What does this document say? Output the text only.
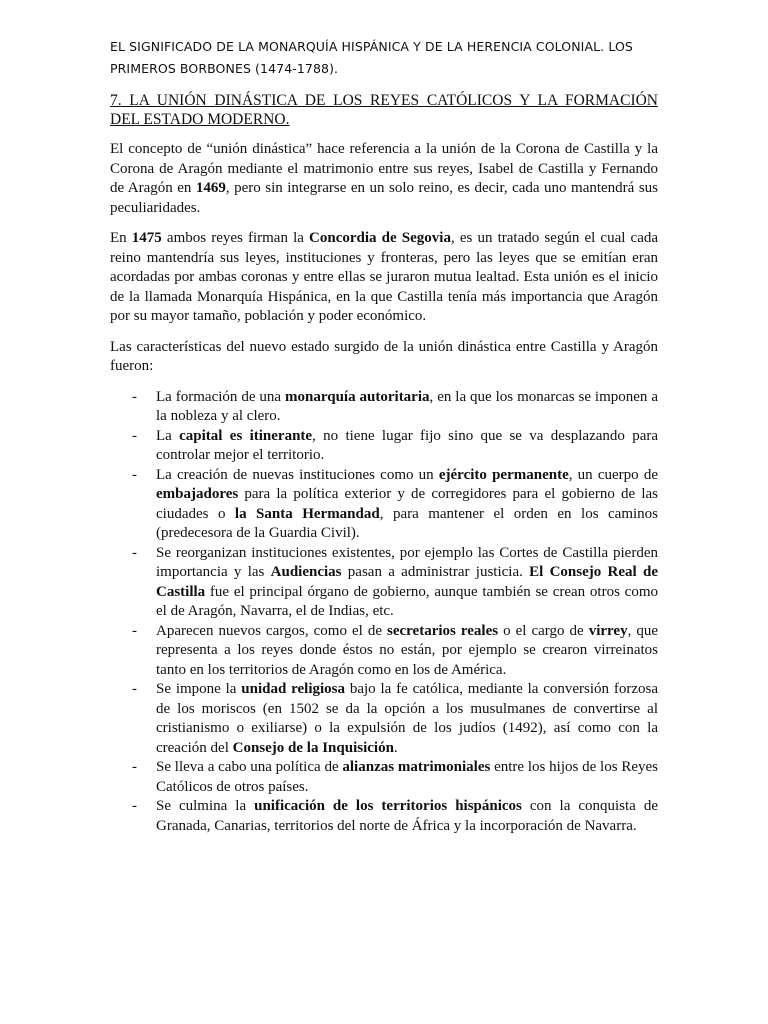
EL SIGNIFICADO DE LA MONARQUÍA HISPÁNICA Y DE LA HERENCIA COLONIAL. LOS
PRIMEROS BORBONES (1474-1788).
7. LA UNIÓN DINÁSTICA DE LOS REYES CATÓLICOS Y LA FORMACIÓN
DEL ESTADO MODERNO.

El concepto de “unión dinástica” hace referencia a la unión de la Corona de Castilla y la Corona de Aragón mediante el matrimonio entre sus reyes, Isabel de Castilla y Fernando de Aragón en 1469, pero sin integrarse en un solo reino, es decir, cada uno mantendrá sus peculiaridades.

En 1475 ambos reyes firman la Concordia de Segovia, es un tratado según el cual cada reino mantendría sus leyes, instituciones y fronteras, pero las leyes que se emitían eran acordadas por ambas coronas y entre ellas se juraron mutua lealtad. Esta unión es el inicio de la llamada Monarquía Hispánica, en la que Castilla tenía más importancia que Aragón por su mayor tamaño, población y poder económico.

Las características del nuevo estado surgido de la unión dinástica entre Castilla y Aragón fueron:

- La formación de una monarquía autoritaria, en la que los monarcas se imponen a la nobleza y al clero.
- La capital es itinerante, no tiene lugar fijo sino que se va desplazando para controlar mejor el territorio.
- La creación de nuevas instituciones como un ejército permanente, un cuerpo de embajadores para la política exterior y de corregidores para el gobierno de las ciudades o la Santa Hermandad, para mantener el orden en los caminos (predecesora de la Guardia Civil).
- Se reorganizan instituciones existentes, por ejemplo las Cortes de Castilla pierden importancia y las Audiencias pasan a administrar justicia. El Consejo Real de Castilla fue el principal órgano de gobierno, aunque también se crean otros como el de Aragón, Navarra, el de Indias, etc.
- Aparecen nuevos cargos, como el de secretarios reales o el cargo de virrey, que representa a los reyes donde éstos no están, por ejemplo se crearon virreinatos tanto en los territorios de Aragón como en los de América.
- Se impone la unidad religiosa bajo la fe católica, mediante la conversión forzosa de los moriscos (en 1502 se da la opción a los musulmanes de convertirse al cristianismo o exiliarse) o la expulsión de los judíos (1492), así como con la creación del Consejo de la Inquisición.
- Se lleva a cabo una política de alianzas matrimoniales entre los hijos de los Reyes Católicos de otros países.
- Se culmina la unificación de los territorios hispánicos con la conquista de Granada, Canarias, territorios del norte de África y la incorporación de Navarra.
